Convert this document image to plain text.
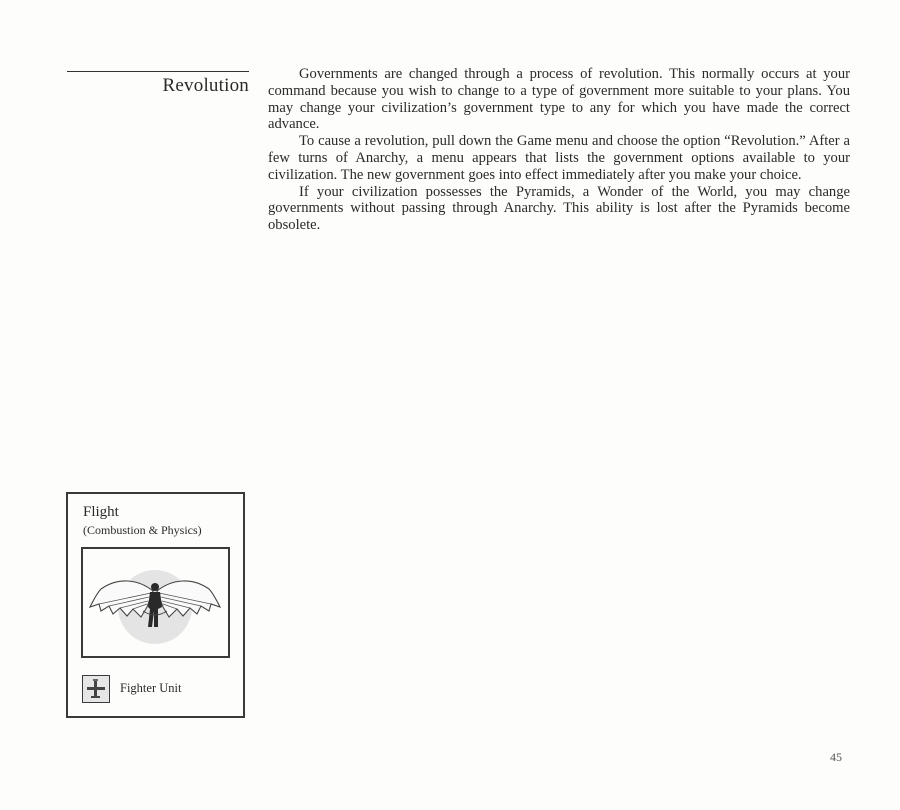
Revolution

Governments are changed through a process of revolution. This normally occurs at your command because you wish to change to a type of government more suitable to your plans. You may change your civilization’s government type to any for which you have made the correct advance.

To cause a revolution, pull down the Game menu and choose the option “Revolution.” After a few turns of Anarchy, a menu appears that lists the government options available to your civilization. The new government goes into effect immediately after you make your choice.

If your civilization possesses the Pyramids, a Wonder of the World, you may change governments without passing through Anarchy. This ability is lost after the Pyramids become obsolete.

Flight
(Combustion & Physics)
Fighter Unit
45
